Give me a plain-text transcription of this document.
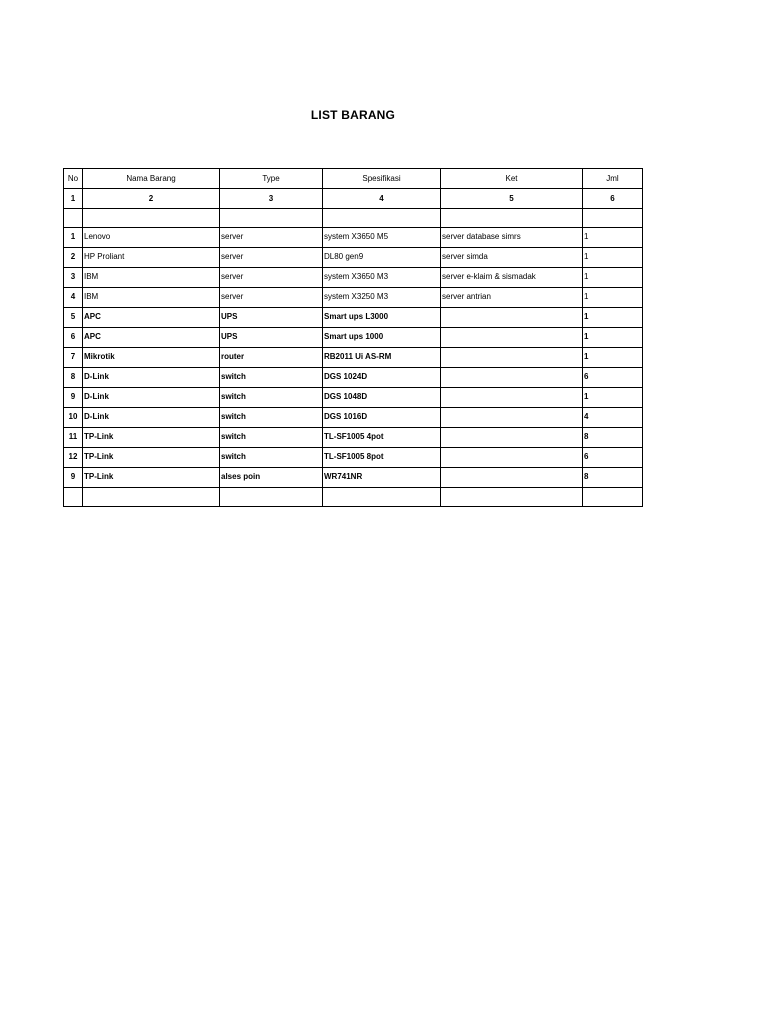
LIST BARANG
No	Nama Barang	Type	Spesifikasi	Ket	Jml
1	2	3	4	5	6

1	Lenovo	server	system X3650 M5	server database simrs	1
2	HP Proliant	server	DL80 gen9	server simda	1
3	IBM	server	system X3650 M3	server e-klaim & sismadak	1
4	IBM	server	system X3250 M3	server antrian	1
5	APC	UPS	Smart ups L3000		1
6	APC	UPS	Smart ups 1000		1
7	Mikrotik	router	RB2011 Ui AS-RM		1
8	D-Link	switch	DGS 1024D		6
9	D-Link	switch	DGS 1048D		1
10	D-Link	switch	DGS 1016D		4
11	TP-Link	switch	TL-SF1005 4pot		8
12	TP-Link	switch	TL-SF1005 8pot		6
9	TP-Link	alses poin	WR741NR		8
